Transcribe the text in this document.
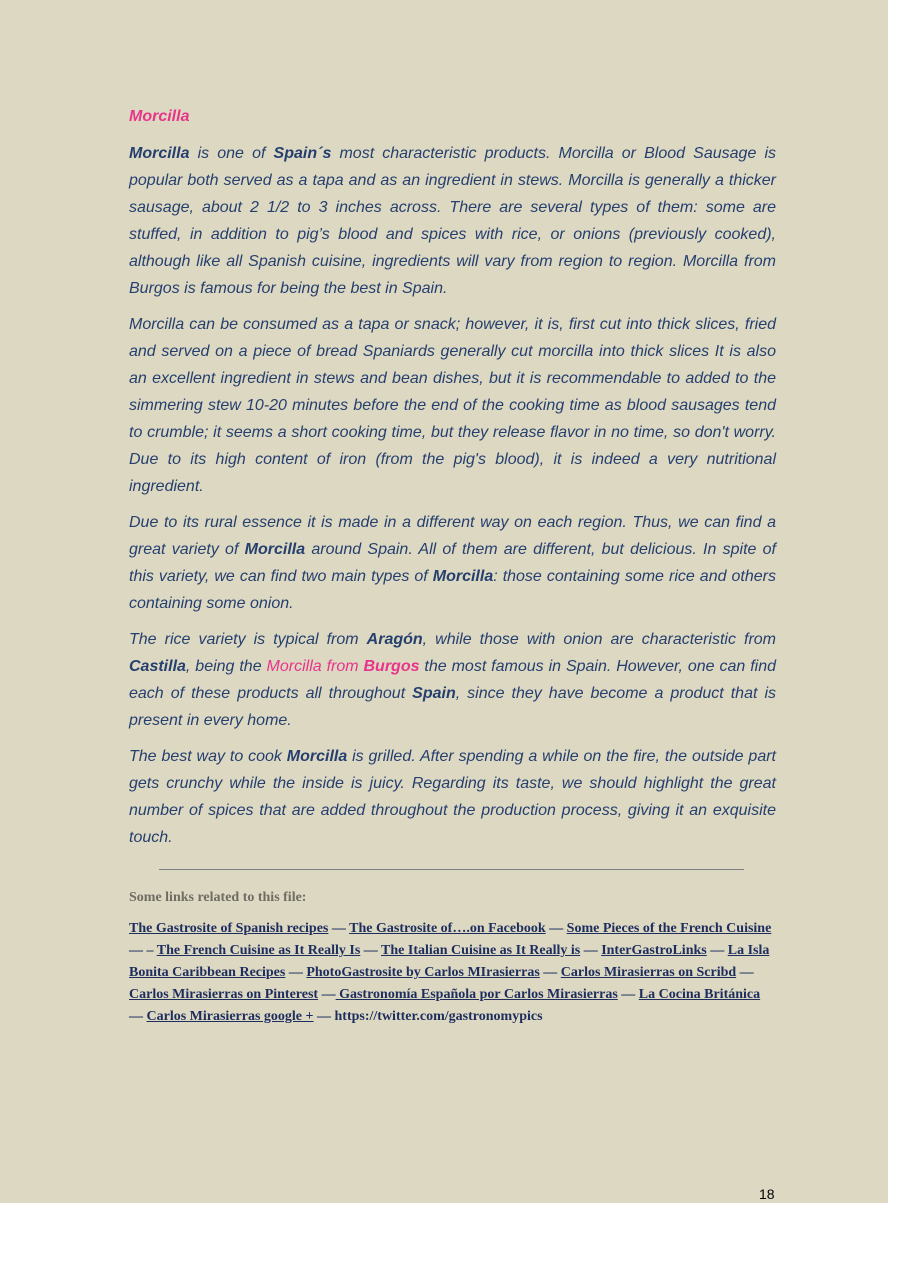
Morcilla

Morcilla is one of Spain´s most characteristic products. Morcilla or Blood Sausage is popular both served as a tapa and as an ingredient in stews. Morcilla is generally a thicker sausage, about 2 1/2 to 3 inches across. There are several types of them: some are stuffed, in addition to pig’s blood and spices with rice, or onions (previously cooked), although like all Spanish cuisine, ingredients will vary from region to region. Morcilla from Burgos is famous for being the best in Spain.

Morcilla can be consumed as a tapa or snack; however, it is, first cut into thick slices, fried and served on a piece of bread Spaniards generally cut morcilla into thick slices It is also an excellent ingredient in stews and bean dishes, but it is recommendable to added to the simmering stew 10-20 minutes before the end of the cooking time as blood sausages tend to crumble; it seems a short cooking time, but they release flavor in no time, so don't worry. Due to its high content of iron (from the pig's blood), it is indeed a very nutritional ingredient.

Due to its rural essence it is made in a different way on each region. Thus, we can find a great variety of Morcilla around Spain. All of them are different, but delicious. In spite of this variety, we can find two main types of Morcilla: those containing some rice and others containing some onion.

The rice variety is typical from Aragón, while those with onion are characteristic from Castilla, being the Morcilla from Burgos the most famous in Spain. However, one can find each of these products all throughout Spain, since they have become a product that is present in every home.

The best way to cook Morcilla is grilled. After spending a while on the fire, the outside part gets crunchy while the inside is juicy. Regarding its taste, we should highlight the great number of spices that are added throughout the production process, giving it an exquisite touch.

Some links related to this file:
The Gastrosite of Spanish recipes — The Gastrosite of….on Facebook — Some Pieces of the French Cuisine — – The French Cuisine as It Really Is — The Italian Cuisine as It Really is — InterGastroLinks — La Isla Bonita Caribbean Recipes — PhotoGastrosite by Carlos MIrasierras — Carlos Mirasierras on Scribd — Carlos Mirasierras on Pinterest — Gastronomía Española por Carlos Mirasierras — La Cocina Británica — Carlos Mirasierras google + — https://twitter.com/gastronomypics
18
